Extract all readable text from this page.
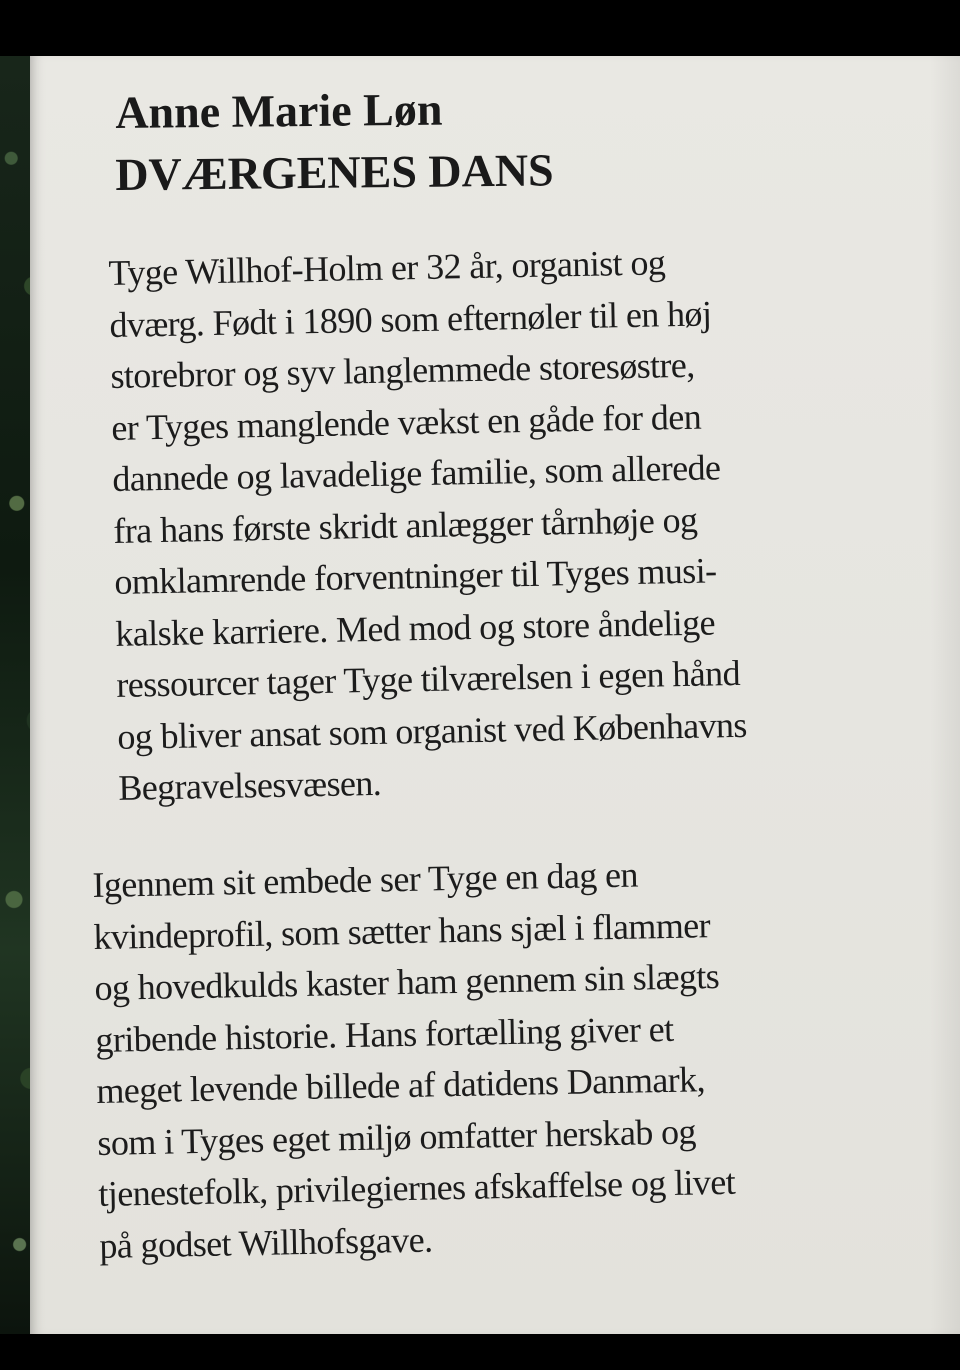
Anne Marie Løn
DVÆRGENES DANS
Tyge Willhof-Holm er 32 år, organist og
dværg. Født i 1890 som efternøler til en høj
storebror og syv langlemmede storesøstre,
er Tyges manglende vækst en gåde for den
dannede og lavadelige familie, som allerede
fra hans første skridt anlægger tårnhøje og
omklamrende forventninger til Tyges musi-
kalske karriere. Med mod og store åndelige
ressourcer tager Tyge tilværelsen i egen hånd
og bliver ansat som organist ved Københavns
Begravelsesvæsen.
Igennem sit embede ser Tyge en dag en
kvindeprofil, som sætter hans sjæl i flammer
og hovedkulds kaster ham gennem sin slægts
gribende historie. Hans fortælling giver et
meget levende billede af datidens Danmark,
som i Tyges eget miljø omfatter herskab og
tjenestefolk, privilegiernes afskaffelse og livet
på godset Willhofsgave.
